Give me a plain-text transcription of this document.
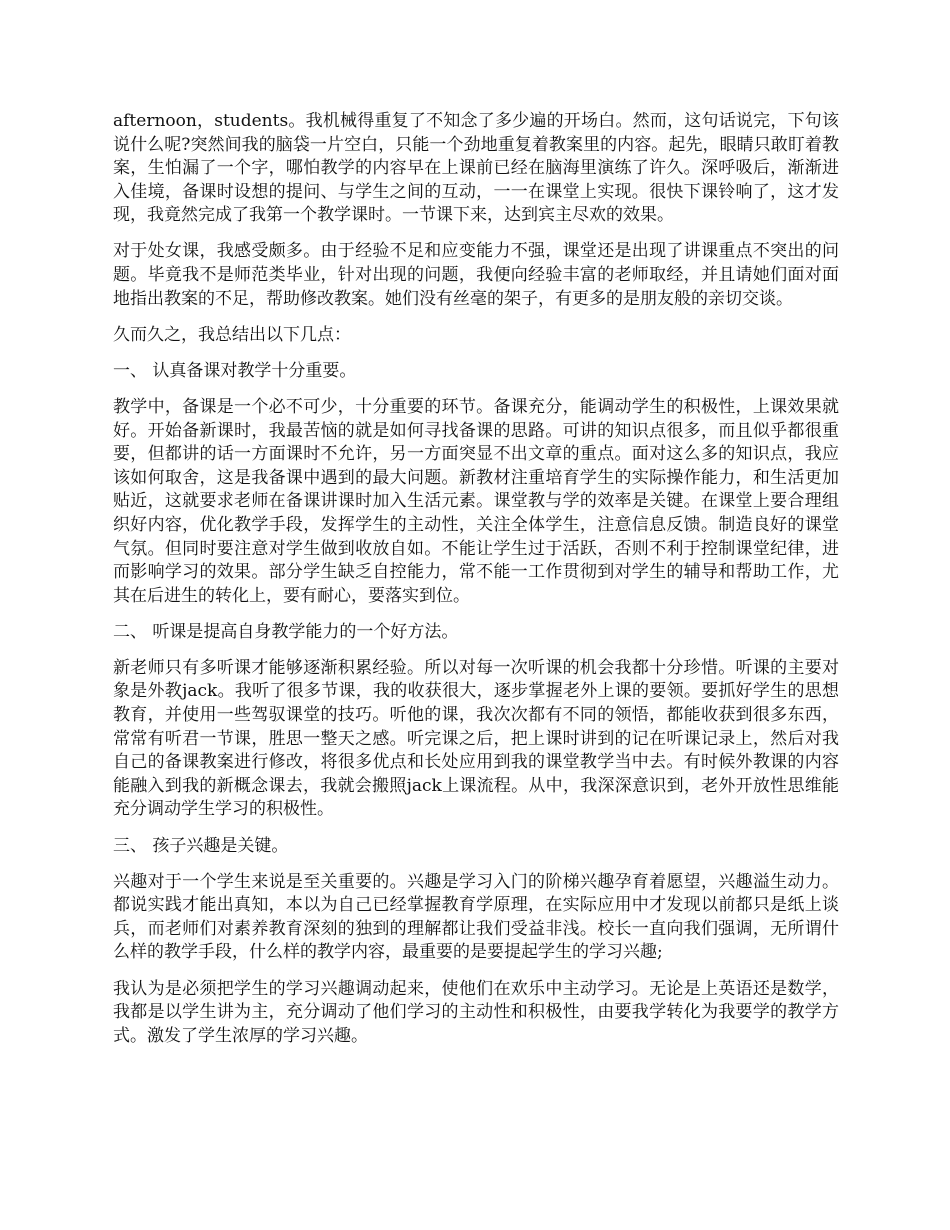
afternoon，students。我机械得重复了不知念了多少遍的开场白。然而，这句话说完，下句该说什么呢?突然间我的脑袋一片空白，只能一个劲地重复着教案里的内容。起先，眼睛只敢盯着教案，生怕漏了一个字，哪怕教学的内容早在上课前已经在脑海里演练了许久。深呼吸后，渐渐进入佳境，备课时设想的提问、与学生之间的互动，一一在课堂上实现。很快下课铃响了，这才发现，我竟然完成了我第一个教学课时。一节课下来，达到宾主尽欢的效果。

对于处女课，我感受颇多。由于经验不足和应变能力不强，课堂还是出现了讲课重点不突出的问题。毕竟我不是师范类毕业，针对出现的问题，我便向经验丰富的老师取经，并且请她们面对面地指出教案的不足，帮助修改教案。她们没有丝毫的架子，有更多的是朋友般的亲切交谈。

久而久之，我总结出以下几点：

一、 认真备课对教学十分重要。

教学中，备课是一个必不可少，十分重要的环节。备课充分，能调动学生的积极性，上课效果就好。开始备新课时，我最苦恼的就是如何寻找备课的思路。可讲的知识点很多，而且似乎都很重要，但都讲的话一方面课时不允许，另一方面突显不出文章的重点。面对这么多的知识点，我应该如何取舍，这是我备课中遇到的最大问题。新教材注重培育学生的实际操作能力，和生活更加贴近，这就要求老师在备课讲课时加入生活元素。课堂教与学的效率是关键。在课堂上要合理组织好内容，优化教学手段，发挥学生的主动性，关注全体学生，注意信息反馈。制造良好的课堂气氛。但同时要注意对学生做到收放自如。不能让学生过于活跃，否则不利于控制课堂纪律，进而影响学习的效果。部分学生缺乏自控能力，常不能一工作贯彻到对学生的辅导和帮助工作，尤其在后进生的转化上，要有耐心，要落实到位。

二、 听课是提高自身教学能力的一个好方法。

新老师只有多听课才能够逐渐积累经验。所以对每一次听课的机会我都十分珍惜。听课的主要对象是外教jack。我听了很多节课，我的收获很大，逐步掌握老外上课的要领。要抓好学生的思想教育，并使用一些驾驭课堂的技巧。听他的课，我次次都有不同的领悟，都能收获到很多东西，常常有听君一节课，胜思一整天之感。听完课之后，把上课时讲到的记在听课记录上，然后对我自己的备课教案进行修改，将很多优点和长处应用到我的课堂教学当中去。有时候外教课的内容能融入到我的新概念课去，我就会搬照jack上课流程。从中，我深深意识到，老外开放性思维能充分调动学生学习的积极性。

三、 孩子兴趣是关键。

兴趣对于一个学生来说是至关重要的。兴趣是学习入门的阶梯兴趣孕育着愿望，兴趣溢生动力。都说实践才能出真知，本以为自己已经掌握教育学原理，在实际应用中才发现以前都只是纸上谈兵，而老师们对素养教育深刻的独到的理解都让我们受益非浅。校长一直向我们强调，无所谓什么样的教学手段，什么样的教学内容，最重要的是要提起学生的学习兴趣;

我认为是必须把学生的学习兴趣调动起来，使他们在欢乐中主动学习。无论是上英语还是数学，我都是以学生讲为主，充分调动了他们学习的主动性和积极性，由要我学转化为我要学的教学方式。激发了学生浓厚的学习兴趣。
